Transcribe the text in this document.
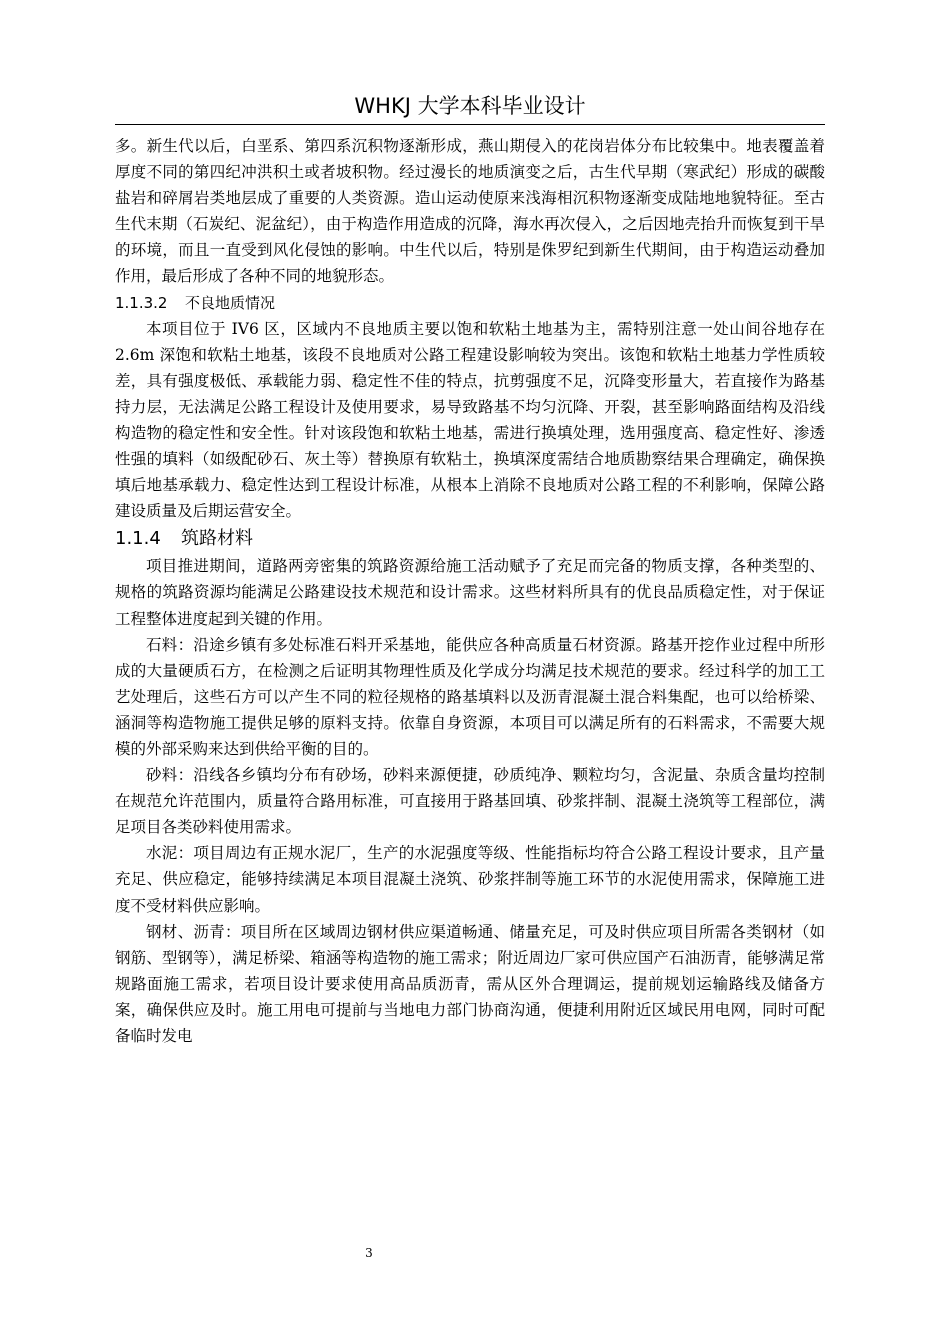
WHKJ 大学本科毕业设计

多。新生代以后，白垩系、第四系沉积物逐渐形成，燕山期侵入的花岗岩体分布比较集中。地表覆盖着厚度不同的第四纪冲洪积土或者坡积物。经过漫长的地质演变之后，古生代早期（寒武纪）形成的碳酸盐岩和碎屑岩类地层成了重要的人类资源。造山运动使原来浅海相沉积物逐渐变成陆地地貌特征。至古生代末期（石炭纪、泥盆纪），由于构造作用造成的沉降，海水再次侵入，之后因地壳抬升而恢复到干旱的环境，而且一直受到风化侵蚀的影响。中生代以后，特别是侏罗纪到新生代期间，由于构造运动叠加作用，最后形成了各种不同的地貌形态。

1.1.3.2 不良地质情况

本项目位于 IV6 区，区域内不良地质主要以饱和软粘土地基为主，需特别注意一处山间谷地存在 2.6m 深饱和软粘土地基，该段不良地质对公路工程建设影响较为突出。该饱和软粘土地基力学性质较差，具有强度极低、承载能力弱、稳定性不佳的特点，抗剪强度不足，沉降变形量大，若直接作为路基持力层，无法满足公路工程设计及使用要求，易导致路基不均匀沉降、开裂，甚至影响路面结构及沿线构造物的稳定性和安全性。针对该段饱和软粘土地基，需进行换填处理，选用强度高、稳定性好、渗透性强的填料（如级配砂石、灰土等）替换原有软粘土，换填深度需结合地质勘察结果合理确定，确保换填后地基承载力、稳定性达到工程设计标准，从根本上消除不良地质对公路工程的不利影响，保障公路建设质量及后期运营安全。

1.1.4 筑路材料

项目推进期间，道路两旁密集的筑路资源给施工活动赋予了充足而完备的物质支撑，各种类型的、规格的筑路资源均能满足公路建设技术规范和设计需求。这些材料所具有的优良品质稳定性，对于保证工程整体进度起到关键的作用。

石料：沿途乡镇有多处标准石料开采基地，能供应各种高质量石材资源。路基开挖作业过程中所形成的大量硬质石方，在检测之后证明其物理性质及化学成分均满足技术规范的要求。经过科学的加工工艺处理后，这些石方可以产生不同的粒径规格的路基填料以及沥青混凝土混合料集配，也可以给桥梁、涵洞等构造物施工提供足够的原料支持。依靠自身资源，本项目可以满足所有的石料需求，不需要大规模的外部采购来达到供给平衡的目的。

砂料：沿线各乡镇均分布有砂场，砂料来源便捷，砂质纯净、颗粒均匀，含泥量、杂质含量均控制在规范允许范围内，质量符合路用标准，可直接用于路基回填、砂浆拌制、混凝土浇筑等工程部位，满足项目各类砂料使用需求。

水泥：项目周边有正规水泥厂，生产的水泥强度等级、性能指标均符合公路工程设计要求，且产量充足、供应稳定，能够持续满足本项目混凝土浇筑、砂浆拌制等施工环节的水泥使用需求，保障施工进度不受材料供应影响。

钢材、沥青：项目所在区域周边钢材供应渠道畅通、储量充足，可及时供应项目所需各类钢材（如钢筋、型钢等），满足桥梁、箱涵等构造物的施工需求；附近周边厂家可供应国产石油沥青，能够满足常规路面施工需求，若项目设计要求使用高品质沥青，需从区外合理调运，提前规划运输路线及储备方案，确保供应及时。施工用电可提前与当地电力部门协商沟通，便捷利用附近区域民用电网，同时可配备临时发电

3
